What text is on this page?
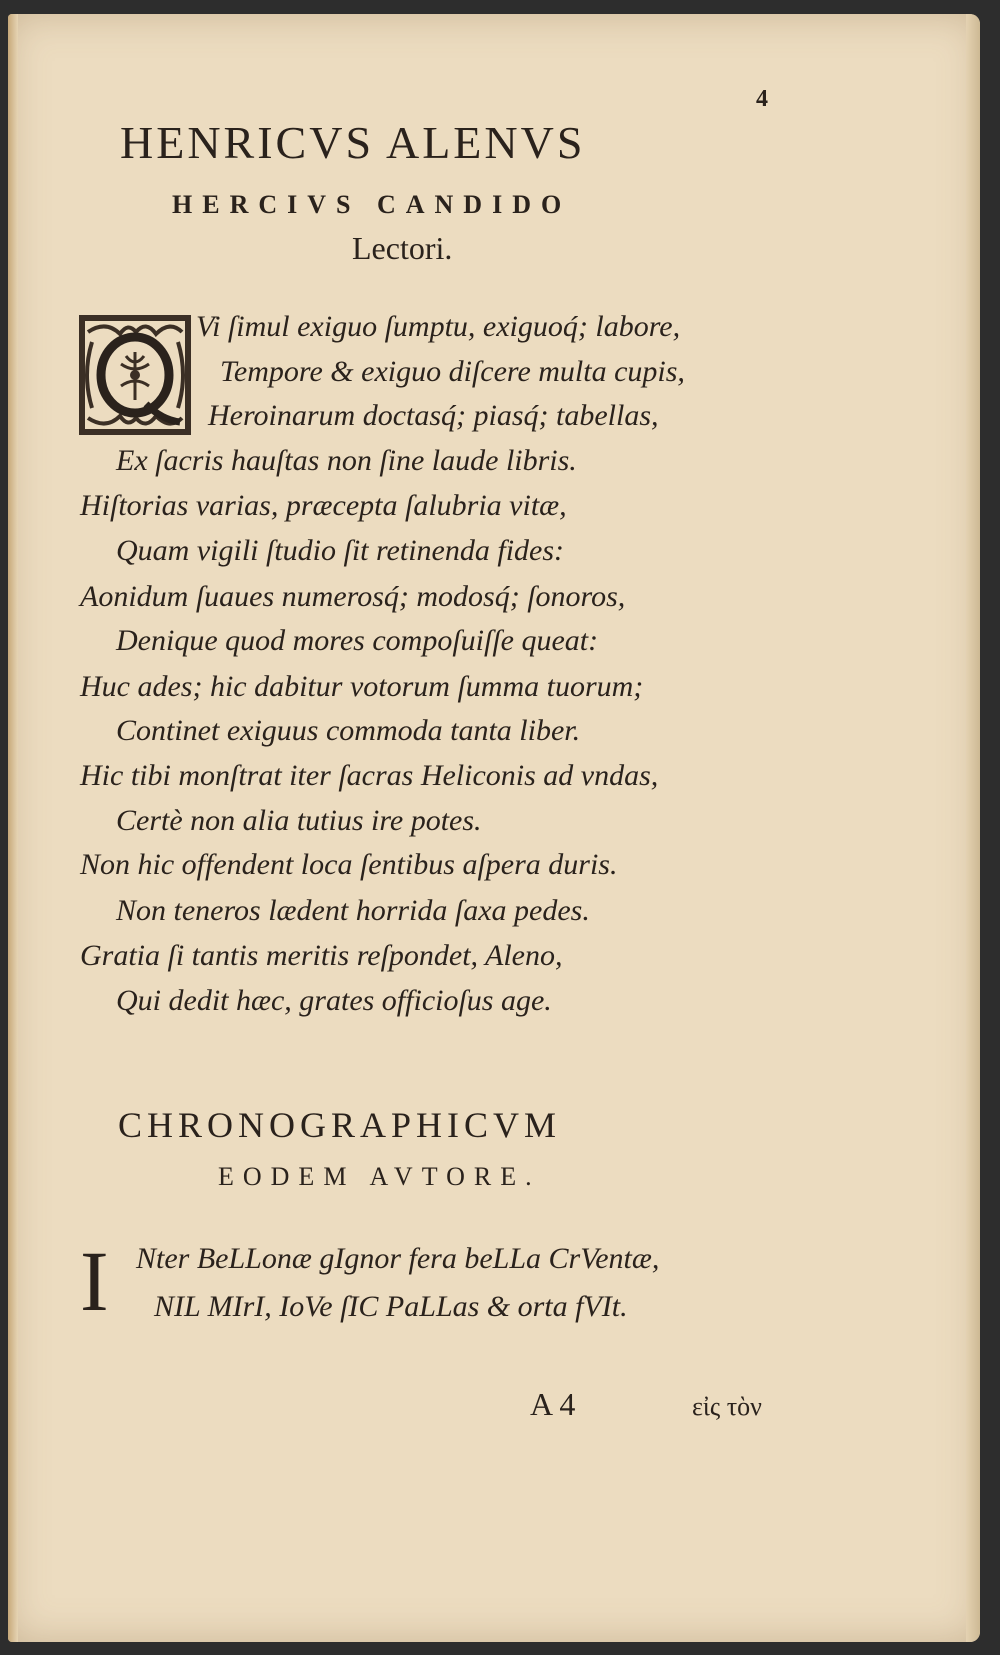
4
HENRICVS ALENVS
HERCIVS CANDIDO
Lectori.
Vi ſimul exiguo ſumptu, exiguoq́; labore,
Tempore & exiguo diſcere multa cupis,
Heroinarum doctasq́; piasq́; tabellas,
Ex ſacris hauſtas non ſine laude libris.
Hiſtorias varias, præcepta ſalubria vitæ,
Quam vigili ſtudio ſit retinenda fides:
Aonidum ſuaues numerosq́; modosq́; ſonoros,
Denique quod mores compoſuiſſe queat:
Huc ades; hic dabitur votorum ſumma tuorum;
Continet exiguus commoda tanta liber.
Hic tibi monſtrat iter ſacras Heliconis ad vndas,
Certè non alia tutius ire potes.
Non hic offendent loca ſentibus aſpera duris.
Non teneros lædent horrida ſaxa pedes.
Gratia ſi tantis meritis reſpondet, Aleno,
Qui dedit hæc, grates officioſus age.
CHRONOGRAPHICVM
EODEM AVTORE.
I Nter BeLLonæ gIgnor fera beLLa CrVentæ,
NIL MIrI, IoVe ſIC PaLLas & orta fVIt.
A 4	εἰς τὸν
